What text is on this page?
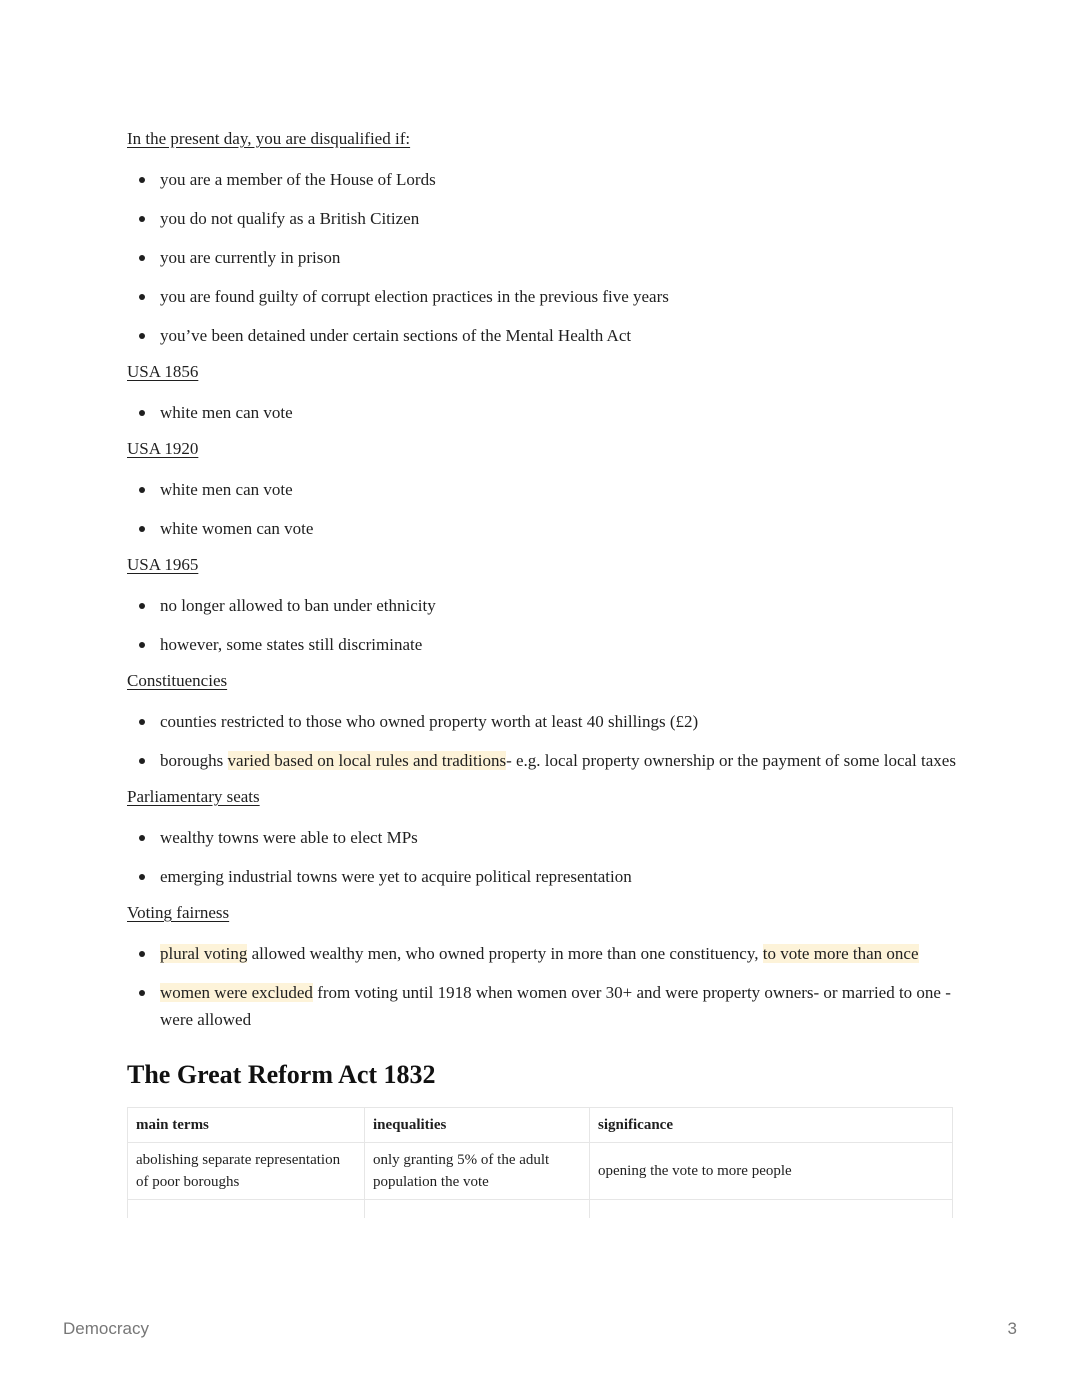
In the present day, you are disqualified if:

you are a member of the House of Lords
you do not qualify as a British Citizen
you are currently in prison
you are found guilty of corrupt election practices in the previous five years
you’ve been detained under certain sections of the Mental Health Act

USA 1856

white men can vote

USA 1920

white men can vote
white women can vote

USA 1965

no longer allowed to ban under ethnicity
however, some states still discriminate

Constituencies

counties restricted to those who owned property worth at least 40 shillings (£2)
boroughs varied based on local rules and traditions- e.g. local property ownership or the payment of some local taxes

Parliamentary seats

wealthy towns were able to elect MPs
emerging industrial towns were yet to acquire political representation

Voting fairness

plural voting allowed wealthy men, who owned property in more than one constituency, to vote more than once
women were excluded from voting until 1918 when women over 30+ and were property owners- or married to one -were allowed
The Great Reform Act 1832
main terms	inequalities	significance
abolishing separate representation of poor boroughs	only granting 5% of the adult population the vote	opening the vote to more people

Democracy	3
